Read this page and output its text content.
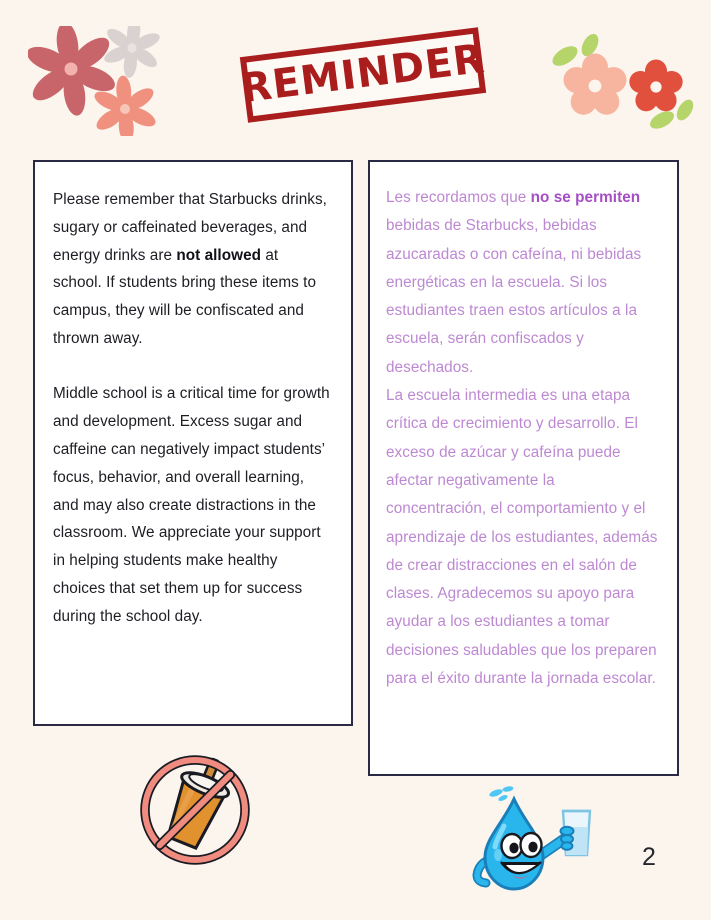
REMINDER

Please remember that Starbucks drinks, sugary or caffeinated beverages, and energy drinks are not allowed at school. If students bring these items to campus, they will be confiscated and thrown away.

Middle school is a critical time for growth and development. Excess sugar and caffeine can negatively impact students’ focus, behavior, and overall learning, and may also create distractions in the classroom. We appreciate your support in helping students make healthy choices that set them up for success during the school day.

Les recordamos que no se permiten bebidas de Starbucks, bebidas azucaradas o con cafeína, ni bebidas energéticas en la escuela. Si los estudiantes traen estos artículos a la escuela, serán confiscados y desechados.

La escuela intermedia es una etapa crítica de crecimiento y desarrollo. El exceso de azúcar y cafeína puede afectar negativamente la concentración, el comportamiento y el aprendizaje de los estudiantes, además de crear distracciones en el salón de clases. Agradecemos su apoyo para ayudar a los estudiantes a tomar decisiones saludables que los preparen para el éxito durante la jornada escolar.

2
